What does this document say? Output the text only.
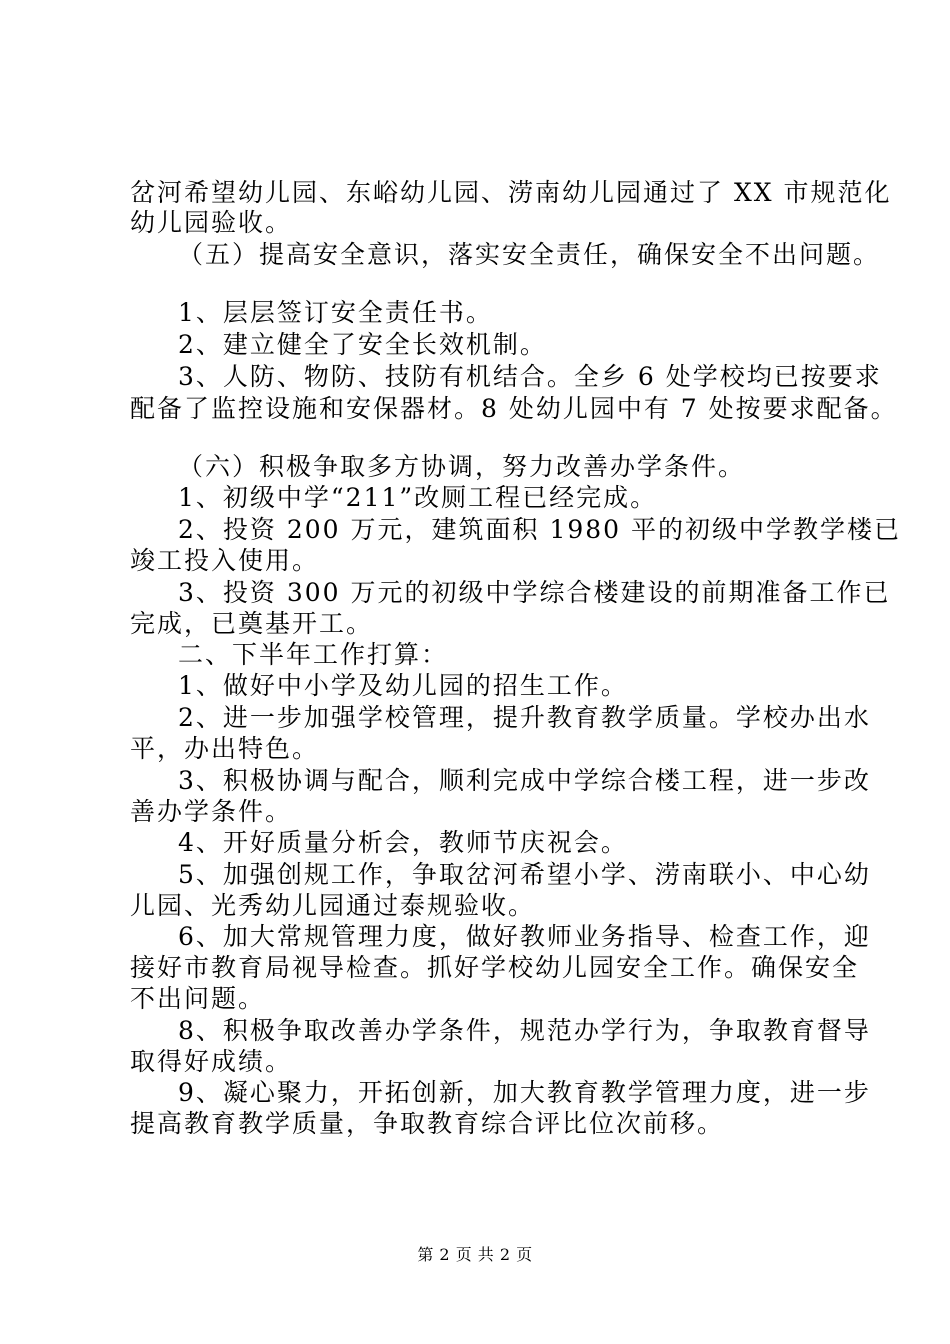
岔河希望幼儿园、东峪幼儿园、涝南幼儿园通过了 XX 市规范化
幼儿园验收。
（五）提高安全意识，落实安全责任，确保安全不出问题。
1、层层签订安全责任书。
2、建立健全了安全长效机制。
3、人防、物防、技防有机结合。全乡 6 处学校均已按要求
配备了监控设施和安保器材。8 处幼儿园中有 7 处按要求配备。
（六）积极争取多方协调，努力改善办学条件。
1、初级中学“211”改厕工程已经完成。
2、投资 200 万元，建筑面积 1980 平的初级中学教学楼已
竣工投入使用。
3、投资 300 万元的初级中学综合楼建设的前期准备工作已
完成，已奠基开工。
二、下半年工作打算：
1、做好中小学及幼儿园的招生工作。
2、进一步加强学校管理，提升教育教学质量。学校办出水
平，办出特色。
3、积极协调与配合，顺利完成中学综合楼工程，进一步改
善办学条件。
4、开好质量分析会，教师节庆祝会。
5、加强创规工作，争取岔河希望小学、涝南联小、中心幼
儿园、光秀幼儿园通过泰规验收。
6、加大常规管理力度，做好教师业务指导、检查工作，迎
接好市教育局视导检查。抓好学校幼儿园安全工作。确保安全
不出问题。
8、积极争取改善办学条件，规范办学行为，争取教育督导
取得好成绩。
9、凝心聚力，开拓创新，加大教育教学管理力度，进一步
提高教育教学质量，争取教育综合评比位次前移。
第 2 页 共 2 页
